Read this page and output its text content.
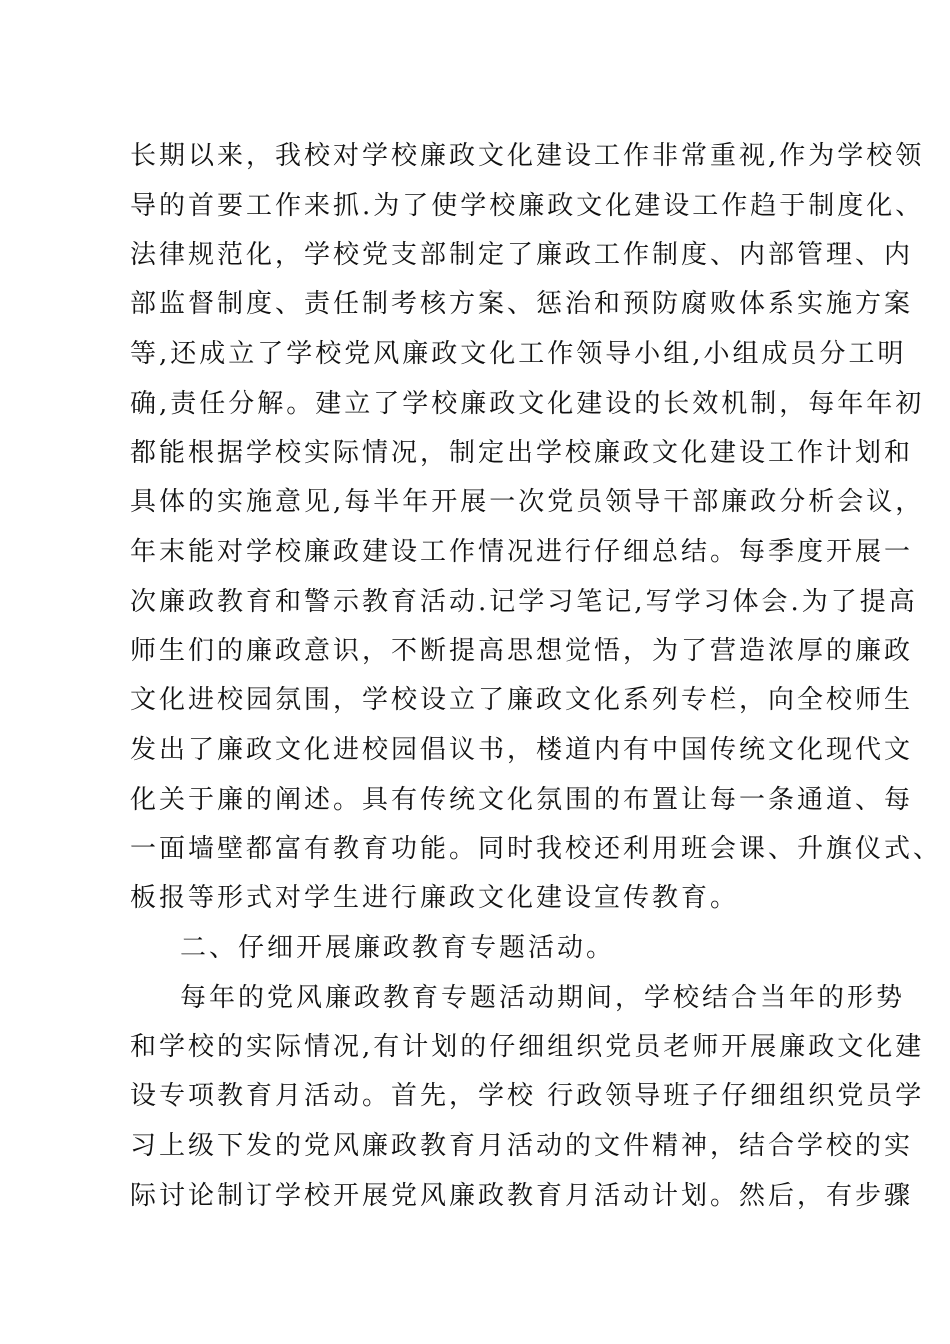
长期以来，我校对学校廉政文化建设工作非常重视,作为学校领
导的首要工作来抓.为了使学校廉政文化建设工作趋于制度化、
法律规范化，学校党支部制定了廉政工作制度、内部管理、内
部监督制度、责任制考核方案、惩治和预防腐败体系实施方案
等,还成立了学校党风廉政文化工作领导小组,小组成员分工明
确,责任分解。建立了学校廉政文化建设的长效机制，每年年初
都能根据学校实际情况，制定出学校廉政文化建设工作计划和
具体的实施意见,每半年开展一次党员领导干部廉政分析会议，
年末能对学校廉政建设工作情况进行仔细总结。每季度开展一
次廉政教育和警示教育活动.记学习笔记,写学习体会.为了提高
师生们的廉政意识，不断提高思想觉悟，为了营造浓厚的廉政
文化进校园氛围，学校设立了廉政文化系列专栏，向全校师生
发出了廉政文化进校园倡议书，楼道内有中国传统文化现代文
化关于廉的阐述。具有传统文化氛围的布置让每一条通道、每
一面墙壁都富有教育功能。同时我校还利用班会课、升旗仪式、
板报等形式对学生进行廉政文化建设宣传教育。
二、仔细开展廉政教育专题活动。
每年的党风廉政教育专题活动期间，学校结合当年的形势
和学校的实际情况,有计划的仔细组织党员老师开展廉政文化建
设专项教育月活动。首先，学校 行政领导班子仔细组织党员学
习上级下发的党风廉政教育月活动的文件精神，结合学校的实
际讨论制订学校开展党风廉政教育月活动计划。然后，有步骤
